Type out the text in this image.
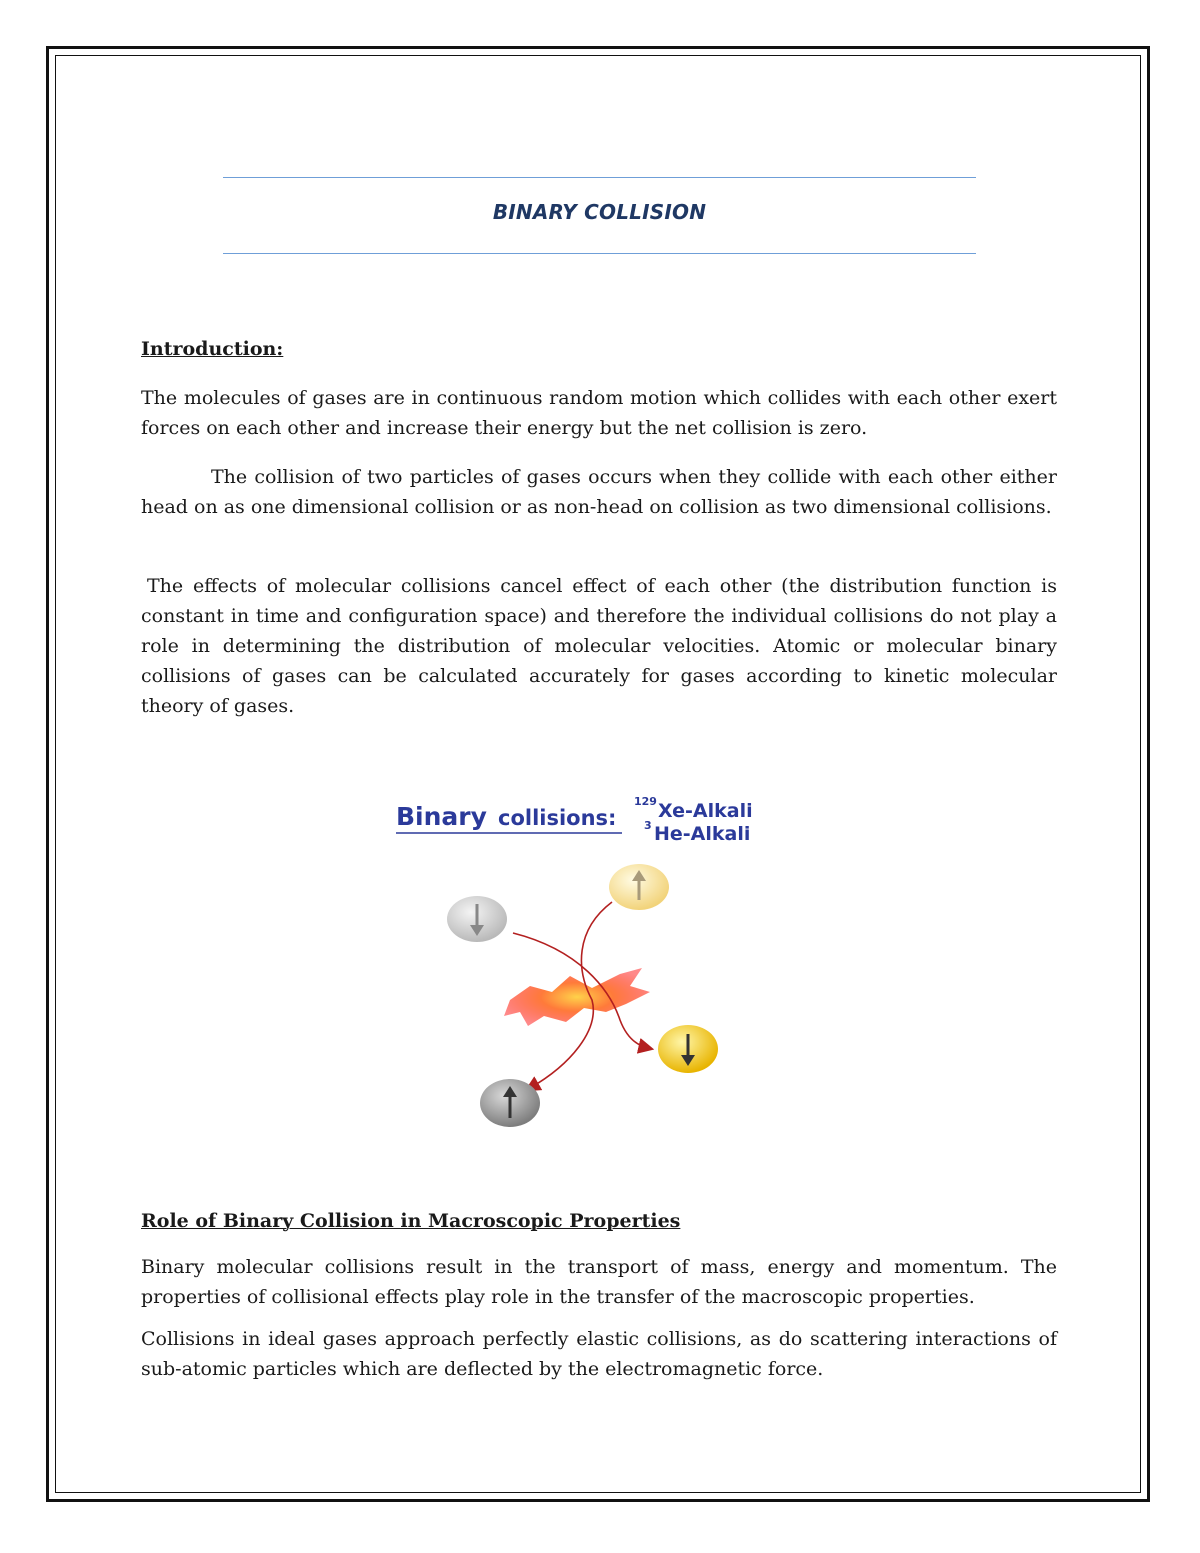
BINARY COLLISION
Introduction:

The molecules of gases are in continuous random motion which collides with each other exert forces on each other and increase their energy but the net collision is zero.

The collision of two particles of gases occurs when they collide with each other either head on as one dimensional collision or as non-head on collision as two dimensional collisions.

The effects of molecular collisions cancel effect of each other (the distribution function is constant in time and configuration space) and therefore the individual collisions do not play a role in determining the distribution of molecular velocities. Atomic or molecular binary collisions of gases can be calculated accurately for gases according to kinetic molecular theory of gases.

Binary collisions:
129 Xe-Alkali
3 He-Alkali
Role of Binary Collision in Macroscopic Properties

Binary molecular collisions result in the transport of mass, energy and momentum. The properties of collisional effects play role in the transfer of the macroscopic properties.

Collisions in ideal gases approach perfectly elastic collisions, as do scattering interactions of sub-atomic particles which are deflected by the electromagnetic force.
